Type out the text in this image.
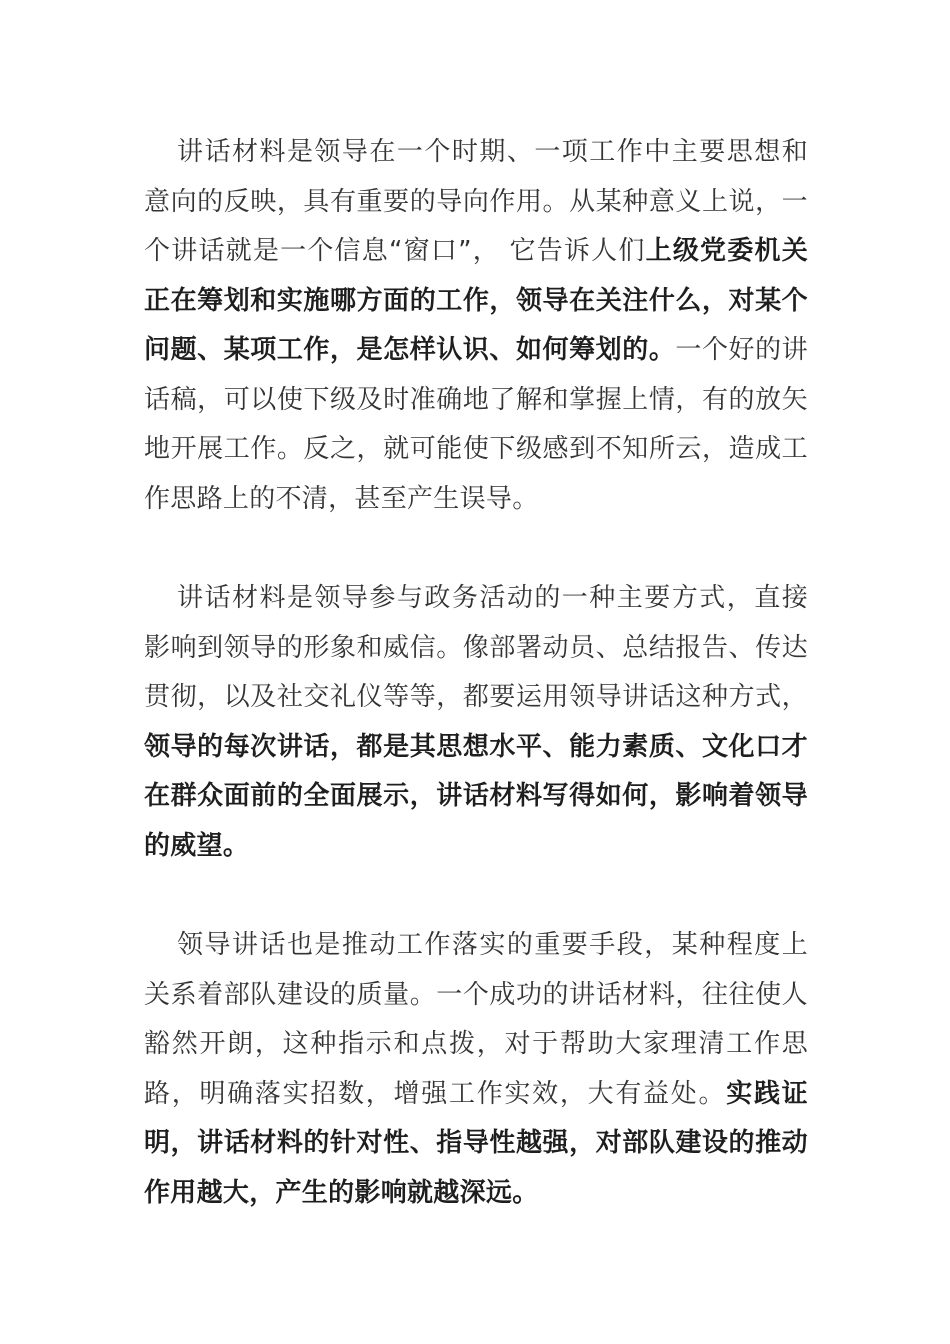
讲话材料是领导在一个时期、一项工作中主要思想和意向的反映，具有重要的导向作用。从某种意义上说，一个讲话就是一个信息“窗口”， 它告诉人们上级党委机关正在筹划和实施哪方面的工作，领导在关注什么，对某个问题、某项工作，是怎样认识、如何筹划的。一个好的讲话稿，可以使下级及时准确地了解和掌握上情，有的放矢地开展工作。反之，就可能使下级感到不知所云，造成工作思路上的不清，甚至产生误导。

讲话材料是领导参与政务活动的一种主要方式，直接影响到领导的形象和威信。像部署动员、总结报告、传达贯彻，以及社交礼仪等等，都要运用领导讲话这种方式，领导的每次讲话，都是其思想水平、能力素质、文化口才在群众面前的全面展示，讲话材料写得如何，影响着领导的威望。

领导讲话也是推动工作落实的重要手段，某种程度上关系着部队建设的质量。一个成功的讲话材料，往往使人豁然开朗，这种指示和点拨，对于帮助大家理清工作思路，明确落实招数，增强工作实效，大有益处。实践证明，讲话材料的针对性、指导性越强，对部队建设的推动作用越大，产生的影响就越深远。
